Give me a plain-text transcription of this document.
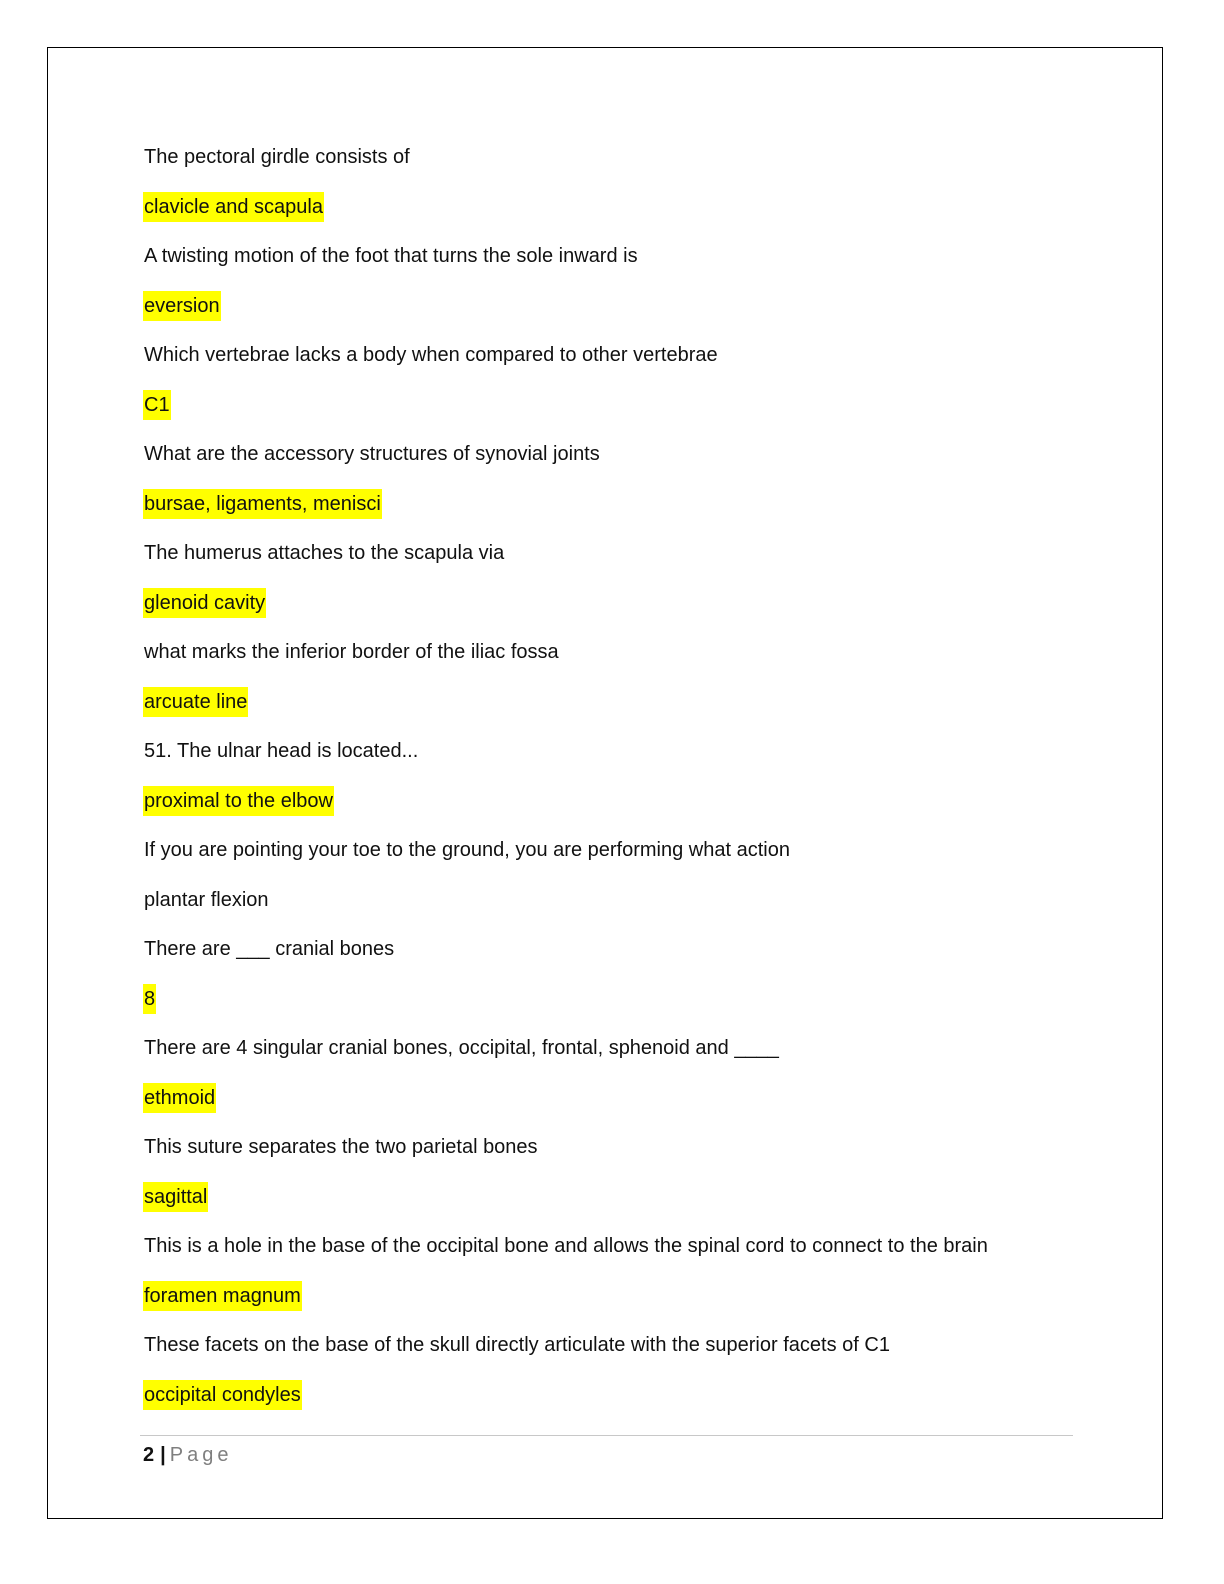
The pectoral girdle consists of
clavicle and scapula
A twisting motion of the foot that turns the sole inward is
eversion
Which vertebrae lacks a body when compared to other vertebrae
C1
What are the accessory structures of synovial joints
bursae, ligaments, menisci
The humerus attaches to the scapula via
glenoid cavity
what marks the inferior border of the iliac fossa
arcuate line
51. The ulnar head is located...
proximal to the elbow
If you are pointing your toe to the ground, you are performing what action
plantar flexion
There are ___ cranial bones
8
There are 4 singular cranial bones, occipital, frontal, sphenoid and ____
ethmoid
This suture separates the two parietal bones
sagittal
This is a hole in the base of the occipital bone and allows the spinal cord to connect to the brain
foramen magnum
These facets on the base of the skull directly articulate with the superior facets of C1
occipital condyles
2 | Page
